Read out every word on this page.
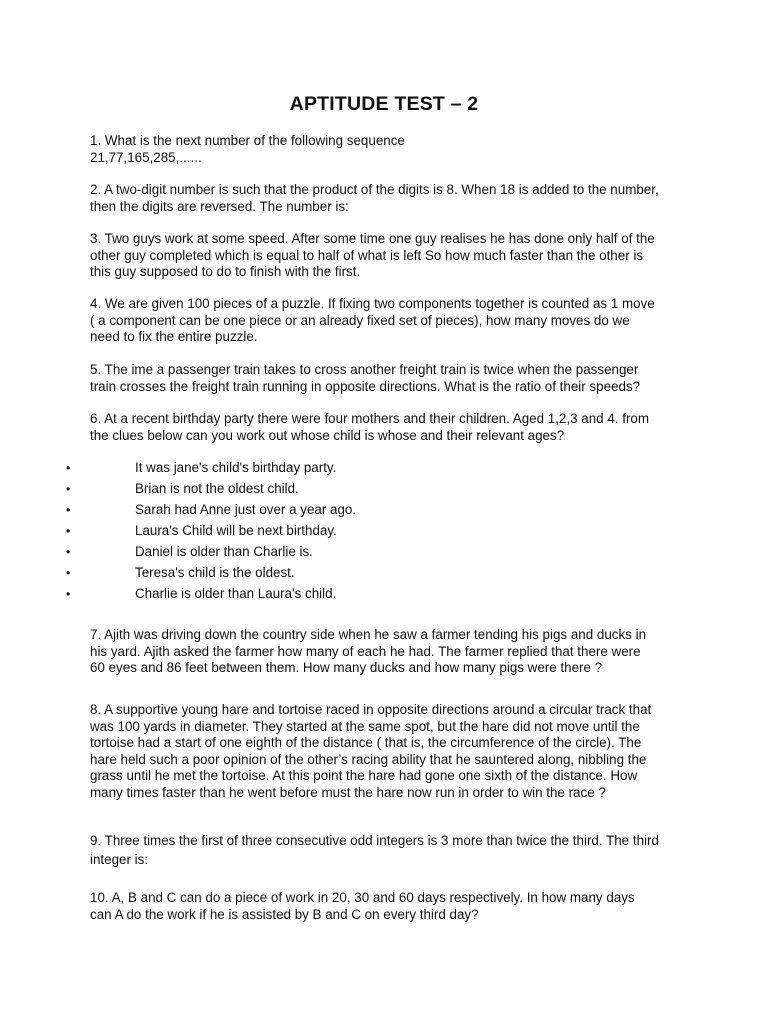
APTITUDE TEST – 2
1. What is the next number of the following sequence
21,77,165,285,......
2. A two-digit number is such that the product of the digits is 8. When 18 is added to the number,
then the digits are reversed. The number is:
3. Two guys work at some speed. After some time one guy realises he has done only half of the
other guy completed which is equal to half of what is left So how much faster than the other is
this guy supposed to do to finish with the first.
4. We are given 100 pieces of a puzzle. If fixing two components together is counted as 1 move
( a component can be one piece or an already fixed set of pieces), how many moves do we
need to fix the entire puzzle.
5. The ime a passenger train takes to cross another freight train is twice when the passenger
train crosses the freight train running in opposite directions. What is the ratio of their speeds?
6. At a recent birthday party there were four mothers and their children. Aged 1,2,3 and 4. from
the clues below can you work out whose child is whose and their relevant ages?
•	It was jane's child's birthday party.
•	Brian is not the oldest child.
•	Sarah had Anne just over a year ago.
•	Laura's Child will be next birthday.
•	Daniel is older than Charlie is.
•	Teresa's child is the oldest.
•	Charlie is older than Laura's child.
7. Ajith was driving down the country side when he saw a farmer tending his pigs and ducks in
his yard. Ajith asked the farmer how many of each he had. The farmer replied that there were
60 eyes and 86 feet between them. How many ducks and how many pigs were there ?
8. A supportive young hare and tortoise raced in opposite directions around a circular track that
was 100 yards in diameter. They started at the same spot, but the hare did not move until the
tortoise had a start of one eighth of the distance ( that is, the circumference of the circle). The
hare held such a poor opinion of the other’s racing ability that he sauntered along, nibbling the
grass until he met the tortoise. At this point the hare had gone one sixth of the distance. How
many times faster than he went before must the hare now run in order to win the race ?
9. Three times the first of three consecutive odd integers is 3 more than twice the third. The third
integer is:
10. A, B and C can do a piece of work in 20, 30 and 60 days respectively. In how many days
can A do the work if he is assisted by B and C on every third day?
